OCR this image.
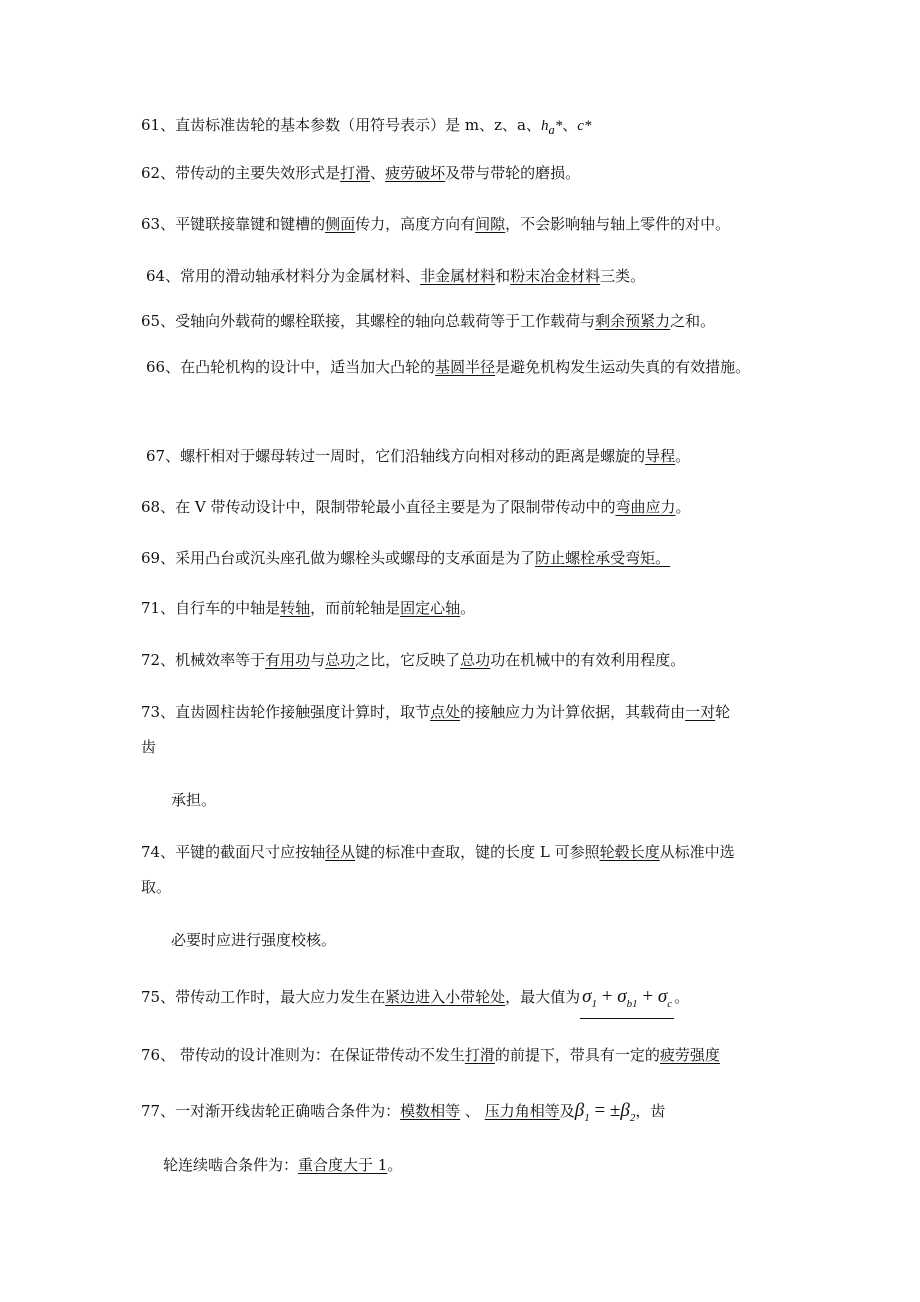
61、直齿标准齿轮的基本参数（用符号表示）是 m、z、a、$h_a*$、c*
62、带传动的主要失效形式是打滑、疲劳破坏及带与带轮的磨损。
63、平键联接靠键和键槽的侧面传力，高度方向有间隙，不会影响轴与轴上零件的对中。
64、常用的滑动轴承材料分为金属材料、非金属材料和粉末冶金材料三类。
65、受轴向外载荷的螺栓联接，其螺栓的轴向总载荷等于工作载荷与剩余预紧力之和。
66、在凸轮机构的设计中，适当加大凸轮的基圆半径是避免机构发生运动失真的有效措施。
67、螺杆相对于螺母转过一周时，它们沿轴线方向相对移动的距离是螺旋的导程。
68、在 V 带传动设计中，限制带轮最小直径主要是为了限制带传动中的弯曲应力。
69、采用凸台或沉头座孔做为螺栓头或螺母的支承面是为了防止螺栓承受弯矩。
71、自行车的中轴是转轴，而前轮轴是固定心轴。
72、机械效率等于有用功与总功之比，它反映了总功功在机械中的有效利用程度。
73、直齿圆柱齿轮作接触强度计算时，取节点处的接触应力为计算依据，其载荷由一对轮
齿
承担。
74、平键的截面尺寸应按轴径从键的标准中查取，键的长度 L 可参照轮毂长度从标准中选
取。
必要时应进行强度校核。
75、带传动工作时，最大应力发生在紧边进入小带轮处，最大值为 $\sigma_1 + \sigma_{b1} + \sigma_c$ 。
76、 带传动的设计准则为：在保证带传动不发生打滑的前提下，带具有一定的疲劳强度
77、一对渐开线齿轮正确啮合条件为：模数相等 、 压力角相等及$\beta_1 = \pm\beta_2$，齿
轮连续啮合条件为：重合度大于 1。
